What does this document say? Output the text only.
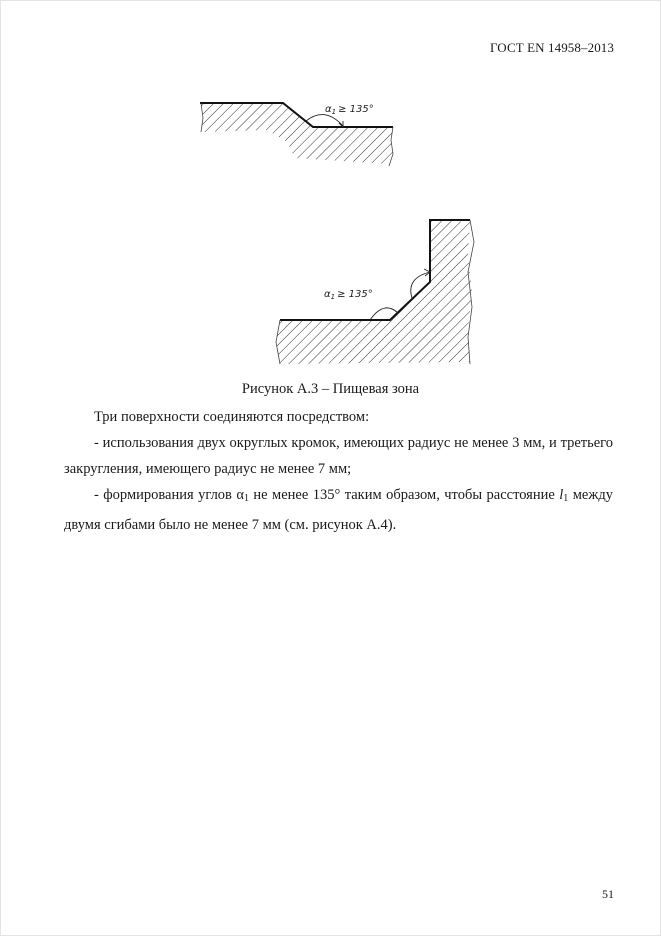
ГОСТ EN 14958–2013
$\alpha_1 \ge 135^\circ$
$\alpha_1 \ge 135^\circ$
Рисунок А.3 – Пищевая зона

Три поверхности соединяются посредством:

- использования двух округлых кромок, имеющих радиус не менее 3 мм, и третьего закругления, имеющего радиус не менее 7 мм;

- формирования углов $\alpha_1$ не менее 135° таким образом, чтобы расстояние $l_1$ между двумя сгибами было не менее 7 мм (см. рисунок А.4).

51
